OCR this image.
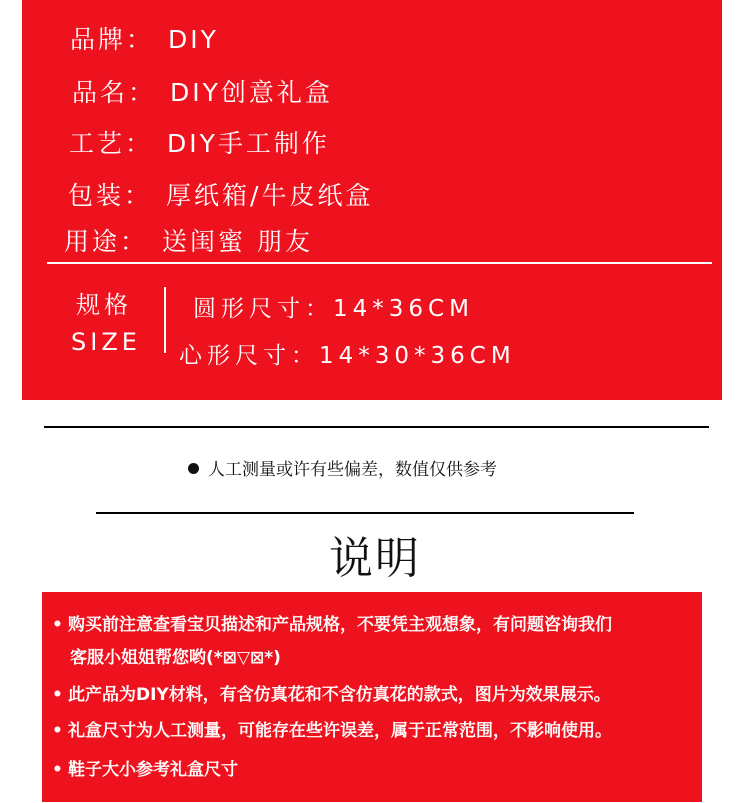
品牌： DIY
品名： DIY创意礼盒
工艺： DIY手工制作
包装： 厚纸箱/牛皮纸盒
用途： 送闺蜜 朋友
规格
SIZE
圆形尺寸：14*36CM
心形尺寸：14*30*36CM
人工测量或许有些偏差，数值仅供参考
说明
• 购买前注意查看宝贝描述和产品规格，不要凭主观想象，有问题咨询我们
客服小姐姐帮您哟(*⊠▽⊠*)
• 此产品为DIY材料，有含仿真花和不含仿真花的款式，图片为效果展示。
• 礼盒尺寸为人工测量，可能存在些许误差，属于正常范围，不影响使用。
• 鞋子大小参考礼盒尺寸
